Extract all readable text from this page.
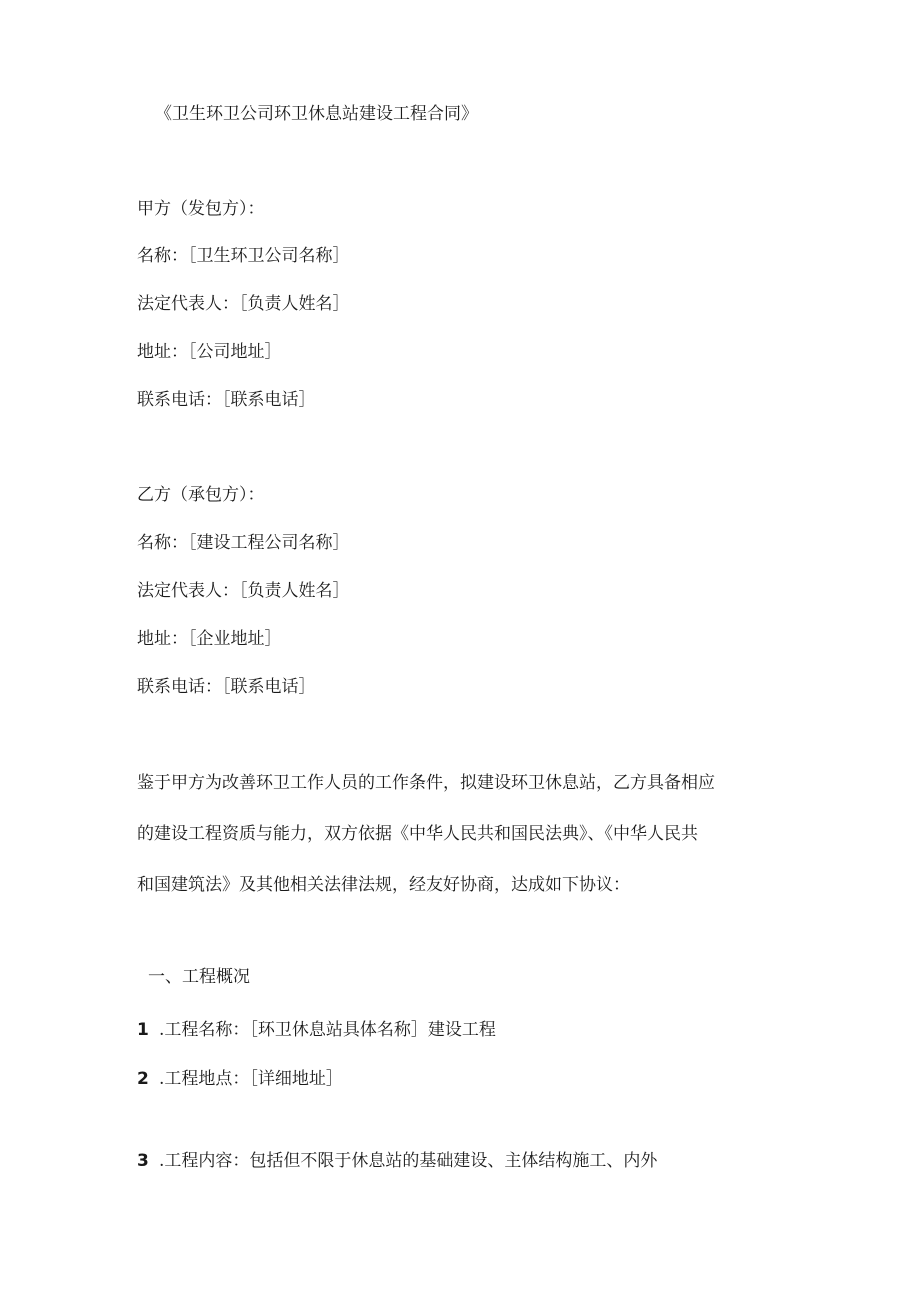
《卫生环卫公司环卫休息站建设工程合同》
甲方（发包方）：
名称：［卫生环卫公司名称］
法定代表人：［负责人姓名］
地址：［公司地址］
联系电话：［联系电话］
乙方（承包方）：
名称：［建设工程公司名称］
法定代表人：［负责人姓名］
地址：［企业地址］
联系电话：［联系电话］
鉴于甲方为改善环卫工作人员的工作条件，拟建设环卫休息站，乙方具备相应
的建设工程资质与能力，双方依据《中华人民共和国民法典》、《中华人民共
和国建筑法》及其他相关法律法规，经友好协商，达成如下协议：
一、工程概况
1 .工程名称：［环卫休息站具体名称］建设工程
2 .工程地点：［详细地址］
3 .工程内容：包括但不限于休息站的基础建设、主体结构施工、内外
